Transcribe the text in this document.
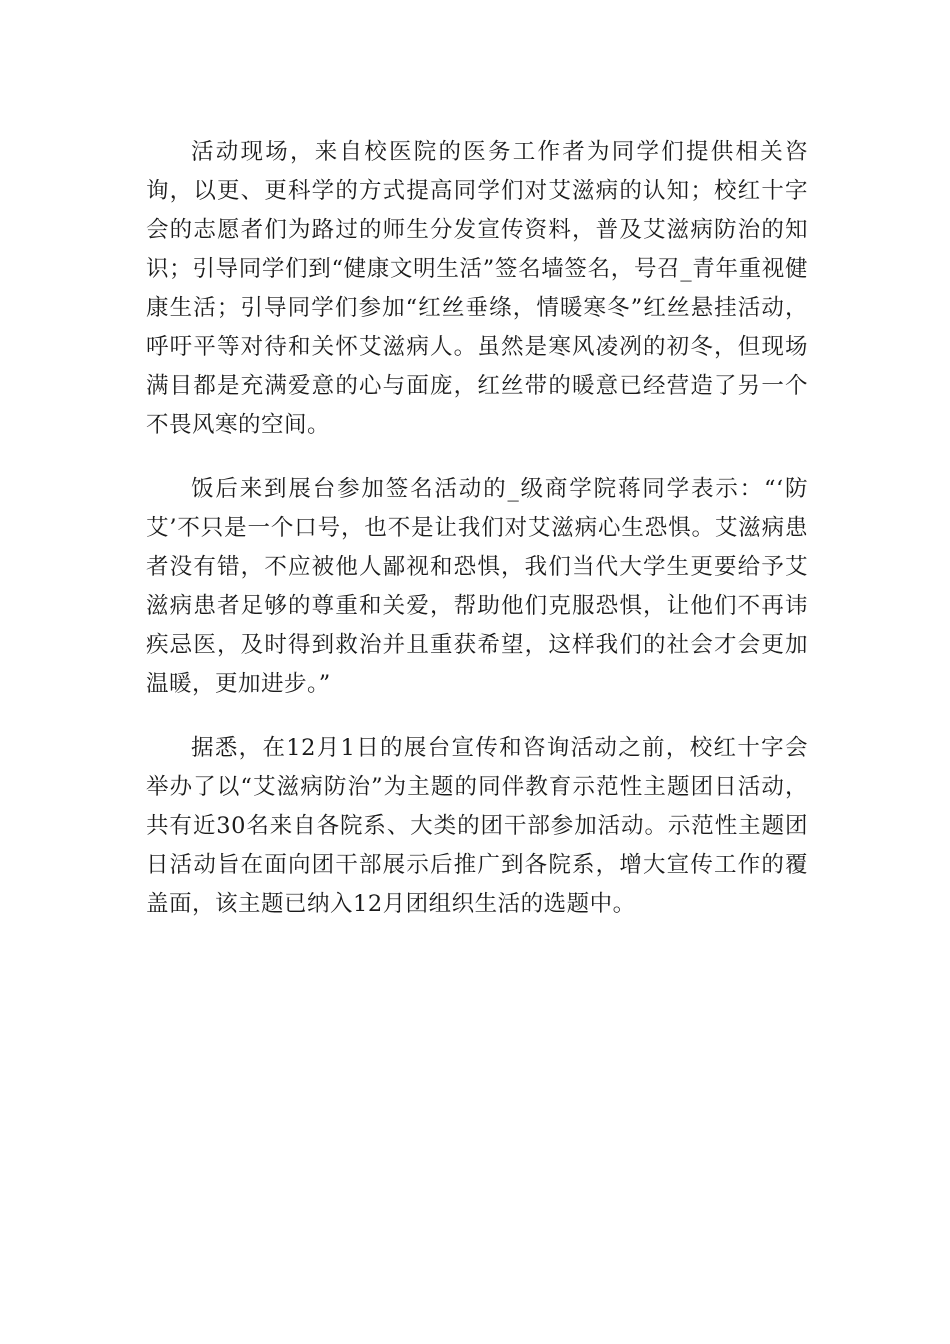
活动现场，来自校医院的医务工作者为同学们提供相关咨询，以更、更科学的方式提高同学们对艾滋病的认知；校红十字会的志愿者们为路过的师生分发宣传资料，普及艾滋病防治的知识；引导同学们到“健康文明生活”签名墙签名，号召_青年重视健康生活；引导同学们参加“红丝垂绦，情暖寒冬”红丝悬挂活动，呼吁平等对待和关怀艾滋病人。虽然是寒风凌冽的初冬，但现场满目都是充满爱意的心与面庞，红丝带的暖意已经营造了另一个不畏风寒的空间。

饭后来到展台参加签名活动的_级商学院蒋同学表示：“‘防艾’不只是一个口号，也不是让我们对艾滋病心生恐惧。艾滋病患者没有错，不应被他人鄙视和恐惧，我们当代大学生更要给予艾滋病患者足够的尊重和关爱，帮助他们克服恐惧，让他们不再讳疾忌医，及时得到救治并且重获希望，这样我们的社会才会更加温暖，更加进步。”

据悉，在12月1日的展台宣传和咨询活动之前，校红十字会举办了以“艾滋病防治”为主题的同伴教育示范性主题团日活动，共有近30名来自各院系、大类的团干部参加活动。示范性主题团日活动旨在面向团干部展示后推广到各院系，增大宣传工作的覆盖面，该主题已纳入12月团组织生活的选题中。
